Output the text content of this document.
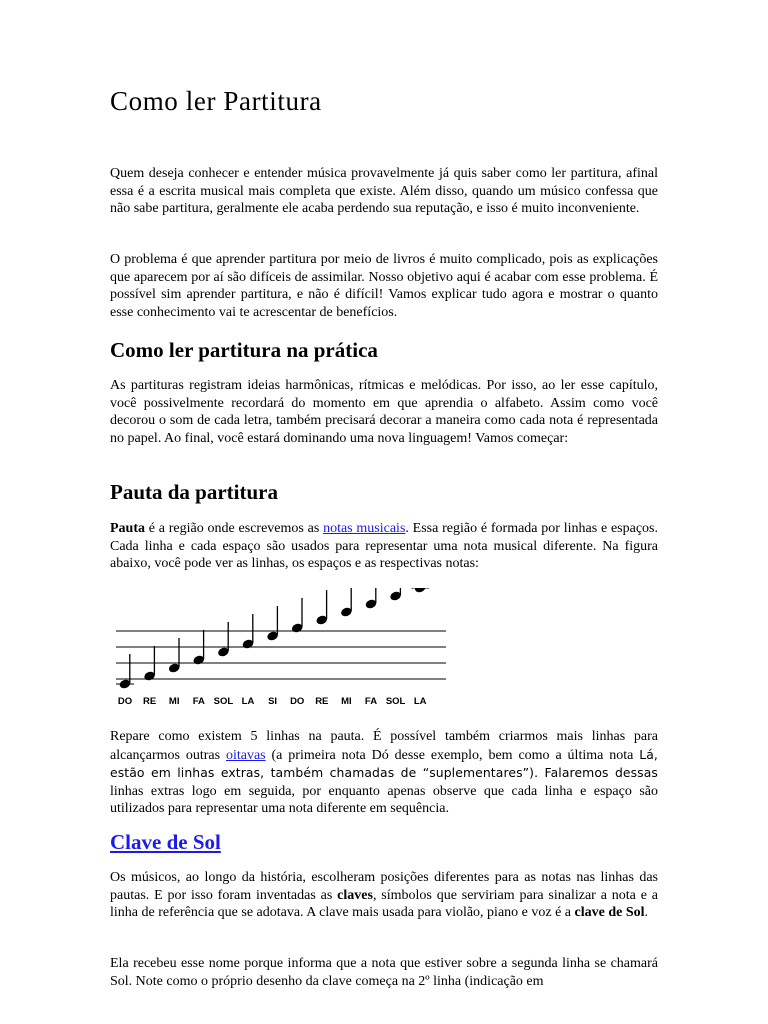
Como ler Partitura

Quem deseja conhecer e entender música provavelmente já quis saber como ler partitura, afinal essa é a escrita musical mais completa que existe. Além disso, quando um músico confessa que não sabe partitura, geralmente ele acaba perdendo sua reputação, e isso é muito inconveniente.

O problema é que aprender partitura por meio de livros é muito complicado, pois as explicações que aparecem por aí são difíceis de assimilar. Nosso objetivo aqui é acabar com esse problema. É possível sim aprender partitura, e não é difícil! Vamos explicar tudo agora e mostrar o quanto esse conhecimento vai te acrescentar de benefícios.

Como ler partitura na prática

As partituras registram ideias harmônicas, rítmicas e melódicas. Por isso, ao ler esse capítulo, você possivelmente recordará do momento em que aprendia o alfabeto. Assim como você decorou o som de cada letra, também precisará decorar a maneira como cada nota é representada no papel. Ao final, você estará dominando uma nova linguagem! Vamos começar:

Pauta da partitura

Pauta é a região onde escrevemos as notas musicais. Essa região é formada por linhas e espaços. Cada linha e cada espaço são usados para representar uma nota musical diferente. Na figura abaixo, você pode ver as linhas, os espaços e as respectivas notas:

DO RE MI FA SOL LA SI DO RE MI FA SOL LA

Repare como existem 5 linhas na pauta. É possível também criarmos mais linhas para alcançarmos outras oitavas (a primeira nota Dó desse exemplo, bem como a última nota Lá, estão em linhas extras, também chamadas de “suplementares”). Falaremos dessas linhas extras logo em seguida, por enquanto apenas observe que cada linha e espaço são utilizados para representar uma nota diferente em sequência.

Clave de Sol

Os músicos, ao longo da história, escolheram posições diferentes para as notas nas linhas das pautas. E por isso foram inventadas as claves, símbolos que serviriam para sinalizar a nota e a linha de referência que se adotava. A clave mais usada para violão, piano e voz é a clave de Sol.

Ela recebeu esse nome porque informa que a nota que estiver sobre a segunda linha se chamará Sol. Note como o próprio desenho da clave começa na 2º linha (indicação em
